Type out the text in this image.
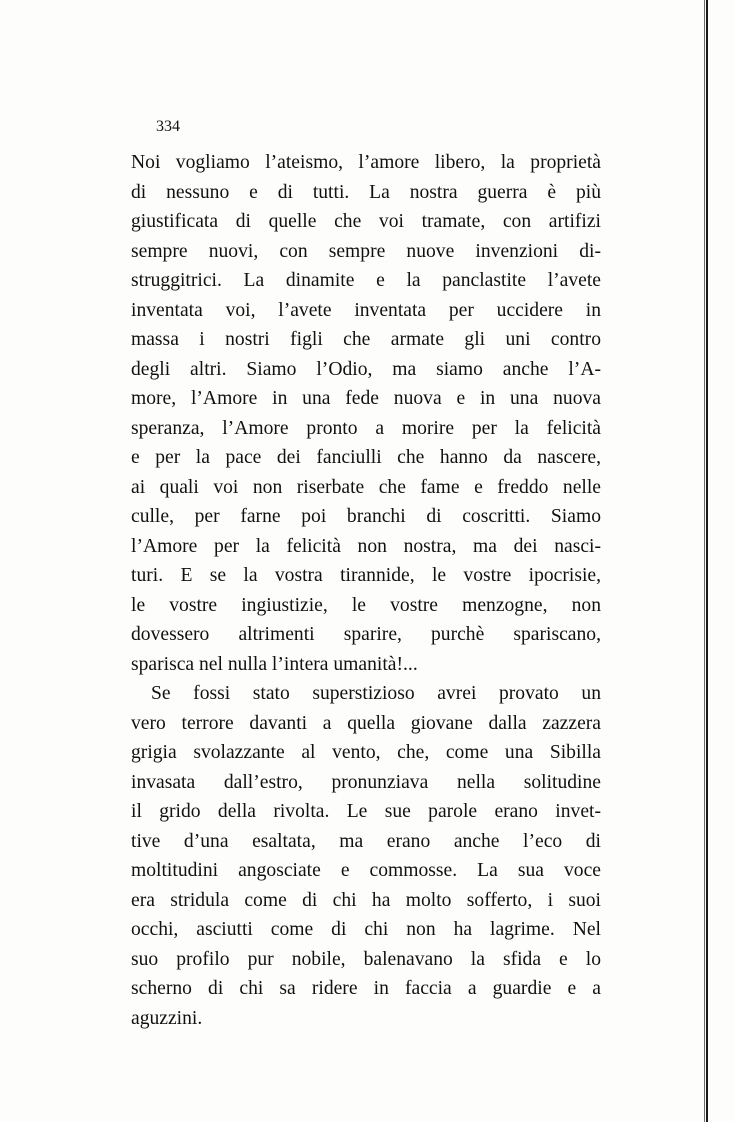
334

Noi vogliamo l’ateismo, l’amore libero, la proprietà
di nessuno e di tutti. La nostra guerra è più
giustificata di quelle che voi tramate, con artifizi
sempre nuovi, con sempre nuove invenzioni di-
struggitrici. La dinamite e la panclastite l’avete
inventata voi, l’avete inventata per uccidere in
massa i nostri figli che armate gli uni contro
degli altri. Siamo l’Odio, ma siamo anche l’A-
more, l’Amore in una fede nuova e in una nuova
speranza, l’Amore pronto a morire per la felicità
e per la pace dei fanciulli che hanno da nascere,
ai quali voi non riserbate che fame e freddo nelle
culle, per farne poi branchi di coscritti. Siamo
l’Amore per la felicità non nostra, ma dei nasci-
turi. E se la vostra tirannide, le vostre ipocrisie,
le vostre ingiustizie, le vostre menzogne, non
dovessero altrimenti sparire, purchè spariscano,
sparisca nel nulla l’intera umanità!...
Se fossi stato superstizioso avrei provato un
vero terrore davanti a quella giovane dalla zazzera
grigia svolazzante al vento, che, come una Sibilla
invasata dall’estro, pronunziava nella solitudine
il grido della rivolta. Le sue parole erano invet-
tive d’una esaltata, ma erano anche l’eco di
moltitudini angosciate e commosse. La sua voce
era stridula come di chi ha molto sofferto, i suoi
occhi, asciutti come di chi non ha lagrime. Nel
suo profilo pur nobile, balenavano la sfida e lo
scherno di chi sa ridere in faccia a guardie e a
aguzzini.
